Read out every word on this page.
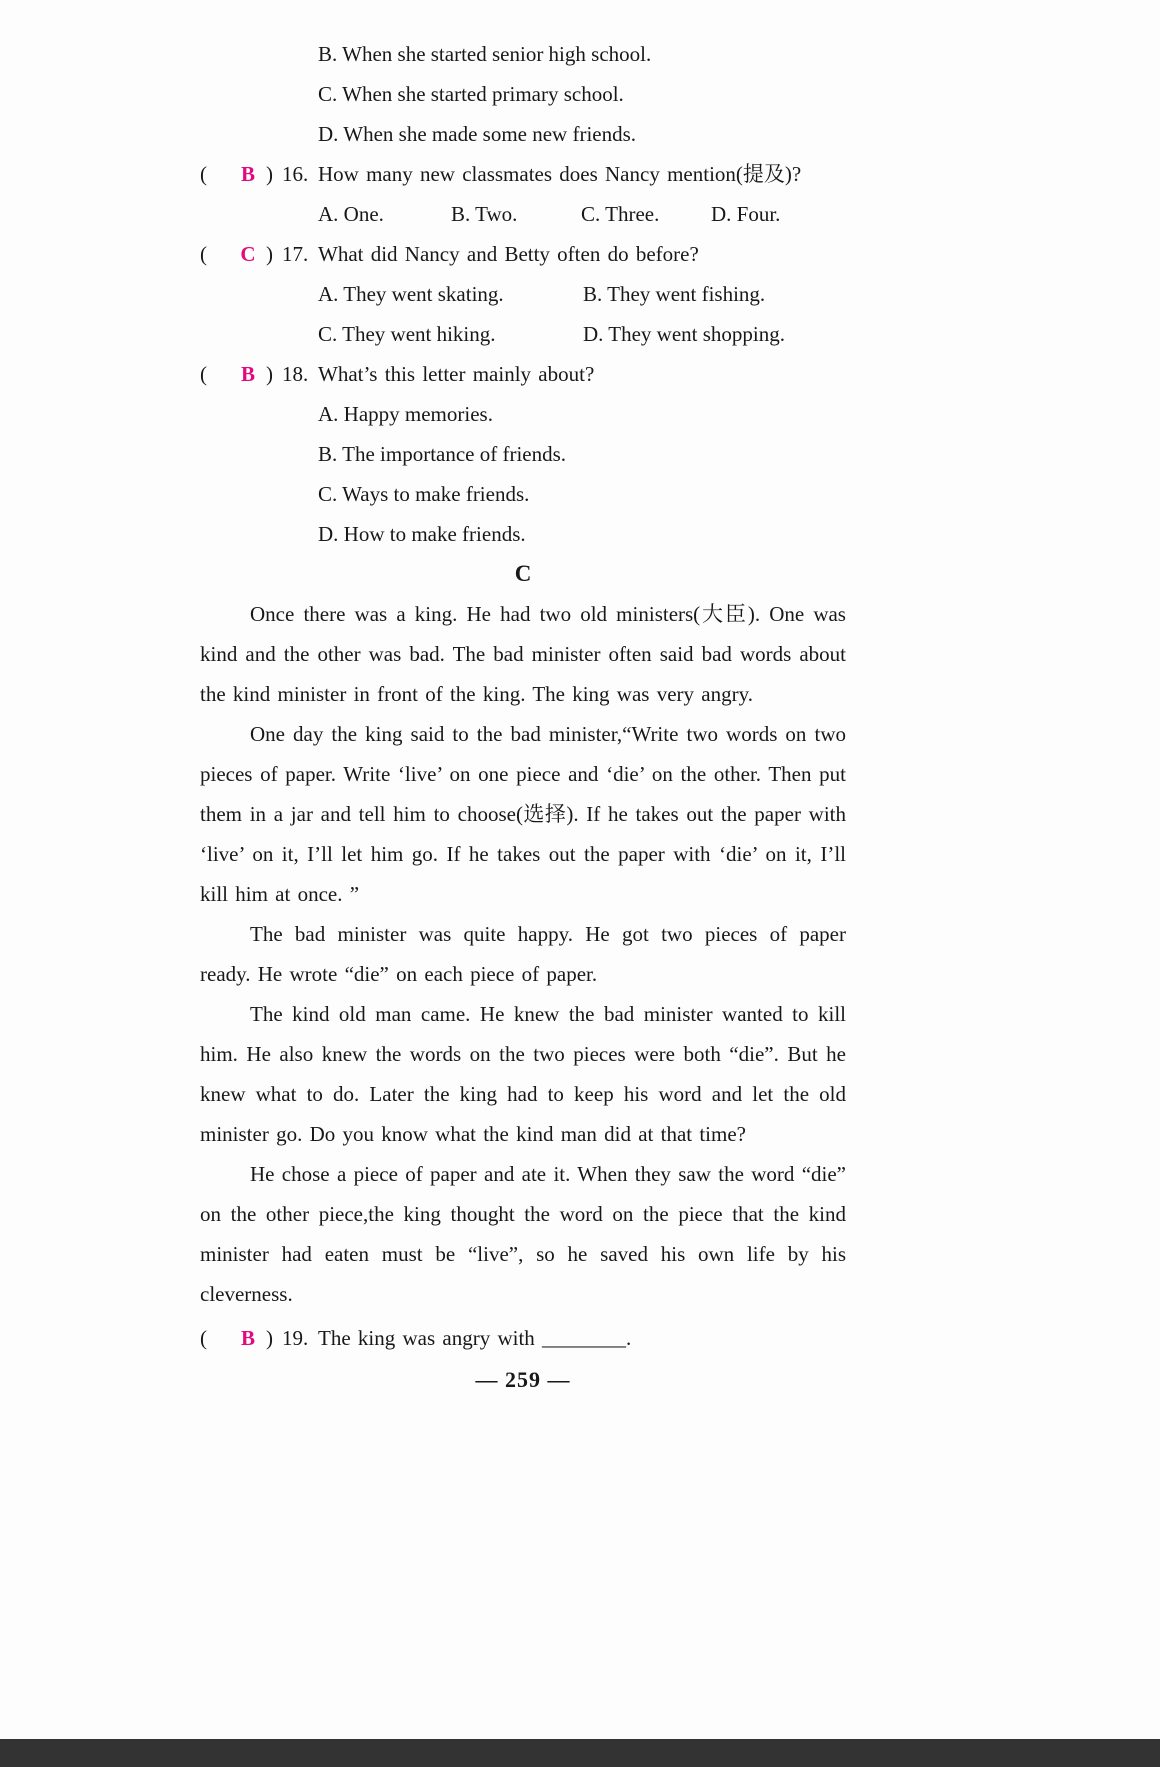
B. When she started senior high school.
C. When she started primary school.
D. When she made some new friends.
(	B ) 16. How many new classmates does Nancy mention(提及)?
A. One.	B. Two.	C. Three.	D. Four.
(	C ) 17. What did Nancy and Betty often do before?
A. They went skating.	B. They went fishing.
C. They went hiking.	D. They went shopping.
(	B ) 18. What’s this letter mainly about?
A. Happy memories.
B. The importance of friends.
C. Ways to make friends.
D. How to make friends.
C

Once there was a king. He had two old ministers(大臣). One was kind and the other was bad. The bad minister often said bad words about the kind minister in front of the king. The king was very angry.

One day the king said to the bad minister,“Write two words on two pieces of paper. Write ‘live’ on one piece and ‘die’ on the other. Then put them in a jar and tell him to choose(选择). If he takes out the paper with ‘live’ on it, I’ll let him go. If he takes out the paper with ‘die’ on it, I’ll kill him at once. ”

The bad minister was quite happy. He got two pieces of paper ready. He wrote “die” on each piece of paper.

The kind old man came. He knew the bad minister wanted to kill him. He also knew the words on the two pieces were both “die”. But he knew what to do. Later the king had to keep his word and let the old minister go. Do you know what the kind man did at that time?

He chose a piece of paper and ate it. When they saw the word “die” on the other piece,the king thought the word on the piece that the kind minister had eaten must be “live”, so he saved his own life by his cleverness.

(	B ) 19. The king was angry with ________.
— 259 —
